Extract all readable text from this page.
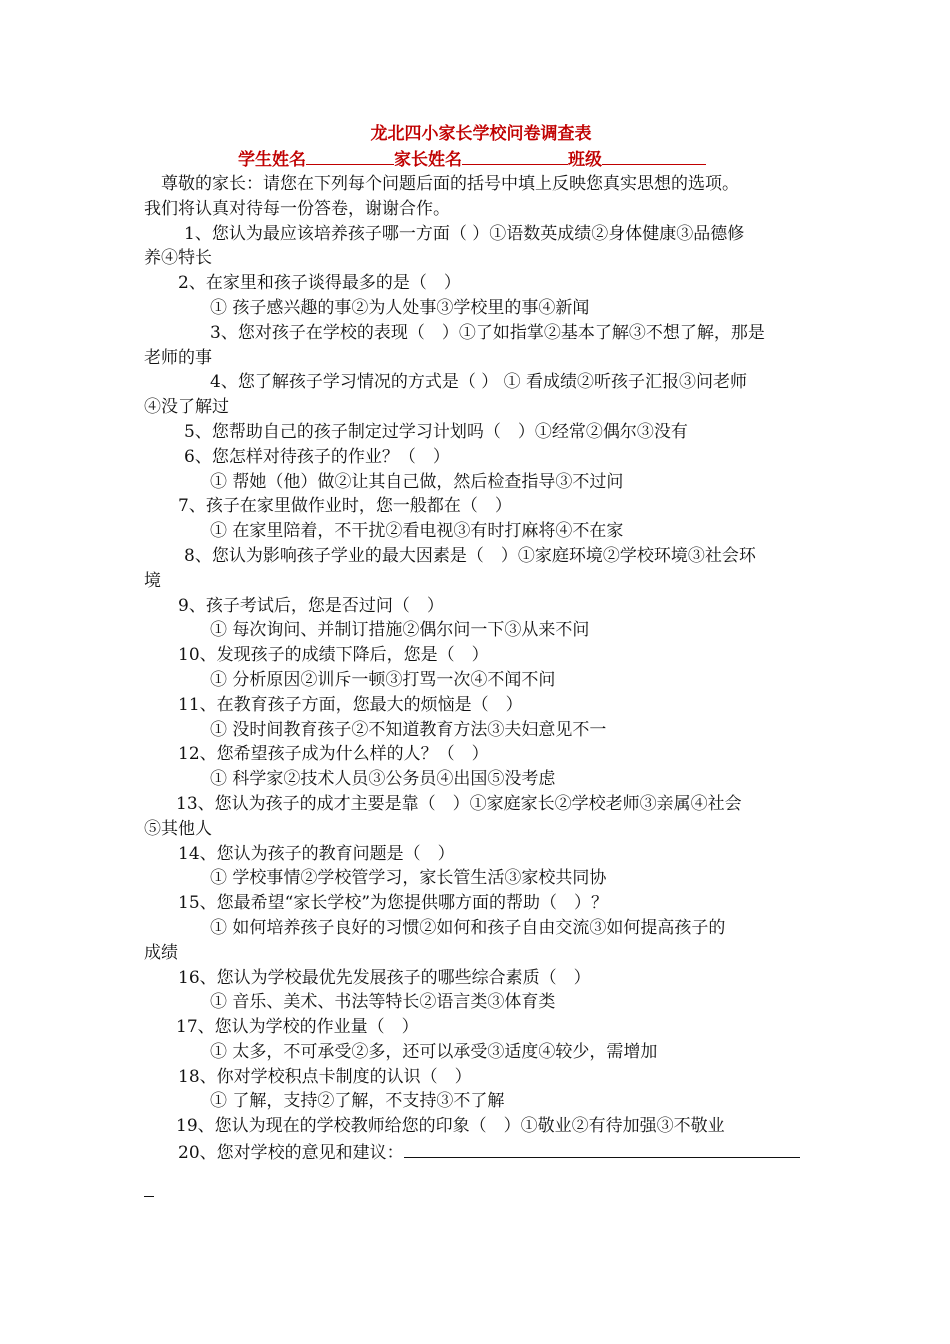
龙北四小家长学校问卷调查表
学生姓名	家长姓名	班级
　尊敬的家长：请您在下列每个问题后面的括号中填上反映您真实思想的选项。
我们将认真对待每一份答卷，谢谢合作。
1、您认为最应该培养孩子哪一方面（ ）①语数英成绩②身体健康③品德修
养④特长
2、在家里和孩子谈得最多的是（　）
① 孩子感兴趣的事②为人处事③学校里的事④新闻
3、您对孩子在学校的表现（　）①了如指掌②基本了解③不想了解，那是
老师的事
4、您了解孩子学习情况的方式是（ ） ① 看成绩②听孩子汇报③问老师
④没了解过
5、您帮助自己的孩子制定过学习计划吗（　）①经常②偶尔③没有
6、您怎样对待孩子的作业？（　）
① 帮她（他）做②让其自己做，然后检查指导③不过问
7、孩子在家里做作业时，您一般都在（　）
① 在家里陪着，不干扰②看电视③有时打麻将④不在家
8、您认为影响孩子学业的最大因素是（　）①家庭环境②学校环境③社会环
境
9、孩子考试后，您是否过问（　）
① 每次询问、并制订措施②偶尔问一下③从来不问
10、发现孩子的成绩下降后，您是（　）
① 分析原因②训斥一顿③打骂一次④不闻不问
11、在教育孩子方面，您最大的烦恼是（　）
① 没时间教育孩子②不知道教育方法③夫妇意见不一
12、您希望孩子成为什么样的人？（　）
① 科学家②技术人员③公务员④出国⑤没考虑
13、您认为孩子的成才主要是靠（　）①家庭家长②学校老师③亲属④社会
⑤其他人
14、您认为孩子的教育问题是（　）
① 学校事情②学校管学习，家长管生活③家校共同协
15、您最希望“家长学校”为您提供哪方面的帮助（　）？
① 如何培养孩子良好的习惯②如何和孩子自由交流③如何提高孩子的
成绩
16、您认为学校最优先发展孩子的哪些综合素质（　）
① 音乐、美术、书法等特长②语言类③体育类
17、您认为学校的作业量（　）
① 太多，不可承受②多，还可以承受③适度④较少，需增加
18、你对学校积点卡制度的认识（　）
① 了解，支持②了解，不支持③不了解
19、您认为现在的学校教师给您的印象（　）①敬业②有待加强③不敬业
20、您对学校的意见和建议：
